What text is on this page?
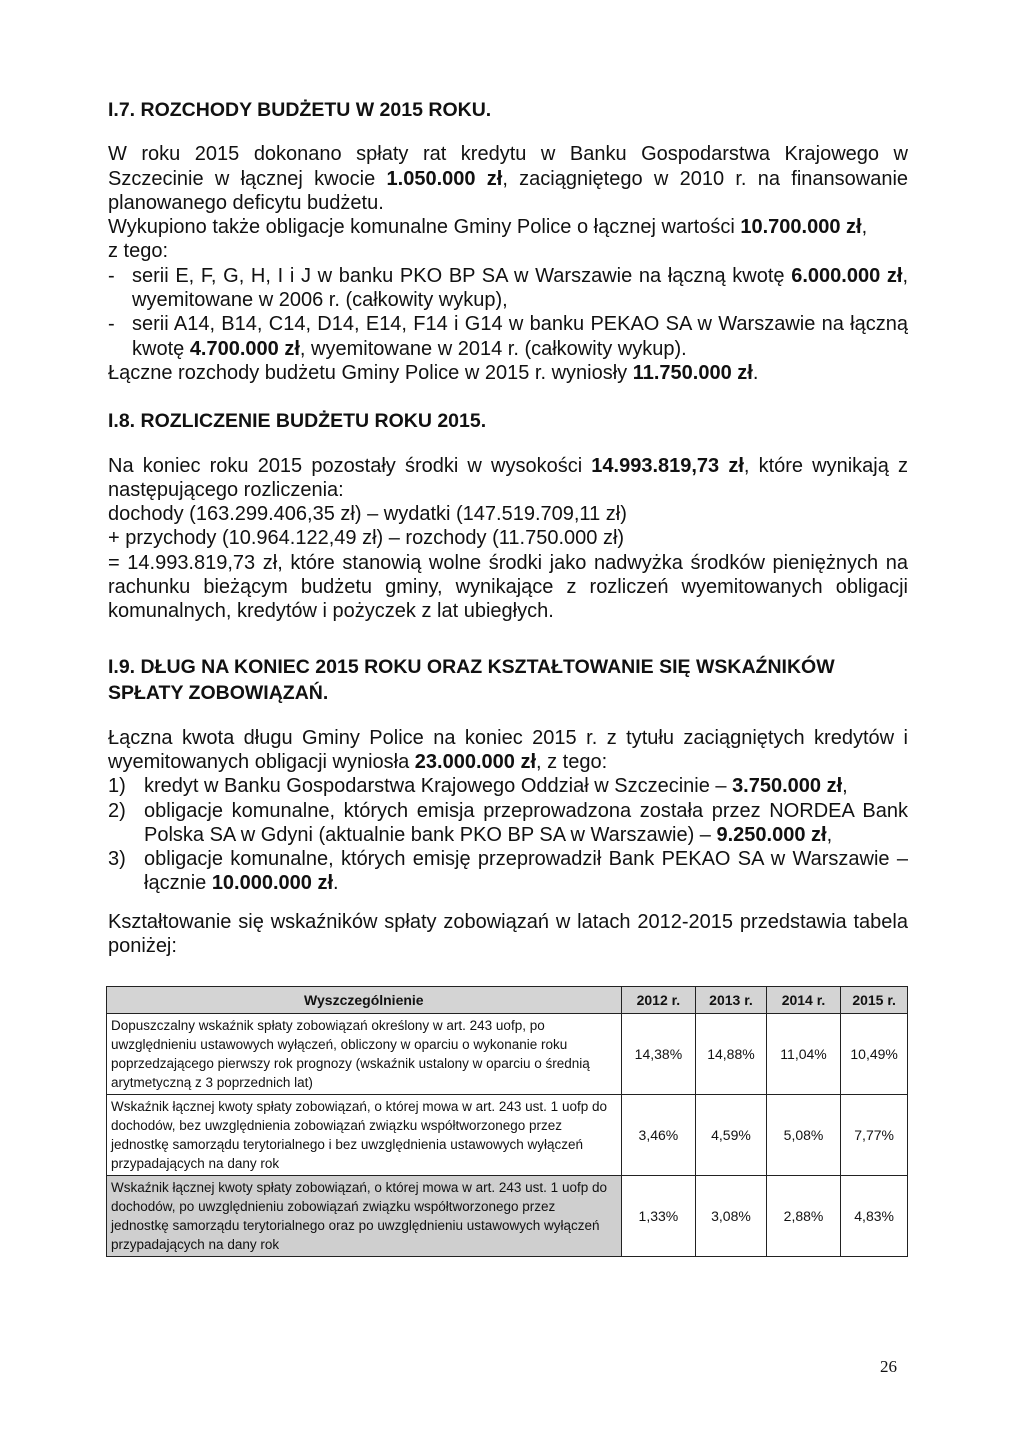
I.7. ROZCHODY BUDŻETU W 2015 ROKU.

W roku 2015 dokonano spłaty rat kredytu w Banku Gospodarstwa Krajowego w Szczecinie w łącznej kwocie 1.050.000 zł, zaciągniętego w 2010 r. na finansowanie planowanego deficytu budżetu.

Wykupiono także obligacje komunalne Gminy Police o łącznej wartości 10.700.000 zł,

z tego:

- serii E, F, G, H, I i J w banku PKO BP SA w Warszawie na łączną kwotę 6.000.000 zł, wyemitowane w 2006 r. (całkowity wykup),
- serii A14, B14, C14, D14, E14, F14 i G14 w banku PEKAO SA w Warszawie na łączną kwotę 4.700.000 zł, wyemitowane w 2014 r. (całkowity wykup).

Łączne rozchody budżetu Gminy Police w 2015 r. wyniosły 11.750.000 zł.

I.8. ROZLICZENIE BUDŻETU ROKU 2015.

Na koniec roku 2015 pozostały środki w wysokości 14.993.819,73 zł, które wynikają z następującego rozliczenia:

dochody (163.299.406,35 zł) – wydatki (147.519.709,11 zł)

+ przychody (10.964.122,49 zł) – rozchody (11.750.000 zł)

= 14.993.819,73 zł, które stanowią wolne środki jako nadwyżka środków pieniężnych na rachunku bieżącym budżetu gminy, wynikające z rozliczeń wyemitowanych obligacji komunalnych, kredytów i pożyczek z lat ubiegłych.

I.9. DŁUG NA KONIEC 2015 ROKU ORAZ KSZTAŁTOWANIE SIĘ WSKAŹNIKÓW SPŁATY ZOBOWIĄZAŃ.

Łączna kwota długu Gminy Police na koniec 2015 r. z tytułu zaciągniętych kredytów i wyemitowanych obligacji wyniosła 23.000.000 zł, z tego:

1) kredyt w Banku Gospodarstwa Krajowego Oddział w Szczecinie – 3.750.000 zł,
2) obligacje komunalne, których emisja przeprowadzona została przez NORDEA Bank Polska SA w Gdyni (aktualnie bank PKO BP SA w Warszawie) – 9.250.000 zł,
3) obligacje komunalne, których emisję przeprowadził Bank PEKAO SA w Warszawie – łącznie 10.000.000 zł.

Kształtowanie się wskaźników spłaty zobowiązań w latach 2012-2015 przedstawia tabela poniżej:

Wyszczególnienie	2012 r.	2013 r.	2014 r.	2015 r.
Dopuszczalny wskaźnik spłaty zobowiązań określony w art. 243 uofp, po uwzględnieniu ustawowych wyłączeń, obliczony w oparciu o wykonanie roku poprzedzającego pierwszy rok prognozy (wskaźnik ustalony w oparciu o średnią arytmetyczną z 3 poprzednich lat)	14,38%	14,88%	11,04%	10,49%
Wskaźnik łącznej kwoty spłaty zobowiązań, o której mowa w art. 243 ust. 1 uofp do dochodów, bez uwzględnienia zobowiązań związku współtworzonego przez jednostkę samorządu terytorialnego i bez uwzględnienia ustawowych wyłączeń przypadających na dany rok	3,46%	4,59%	5,08%	7,77%
Wskaźnik łącznej kwoty spłaty zobowiązań, o której mowa w art. 243 ust. 1 uofp do dochodów, po uwzględnieniu zobowiązań związku współtworzonego przez jednostkę samorządu terytorialnego oraz po uwzględnieniu ustawowych wyłączeń przypadających na dany rok	1,33%	3,08%	2,88%	4,83%
26
